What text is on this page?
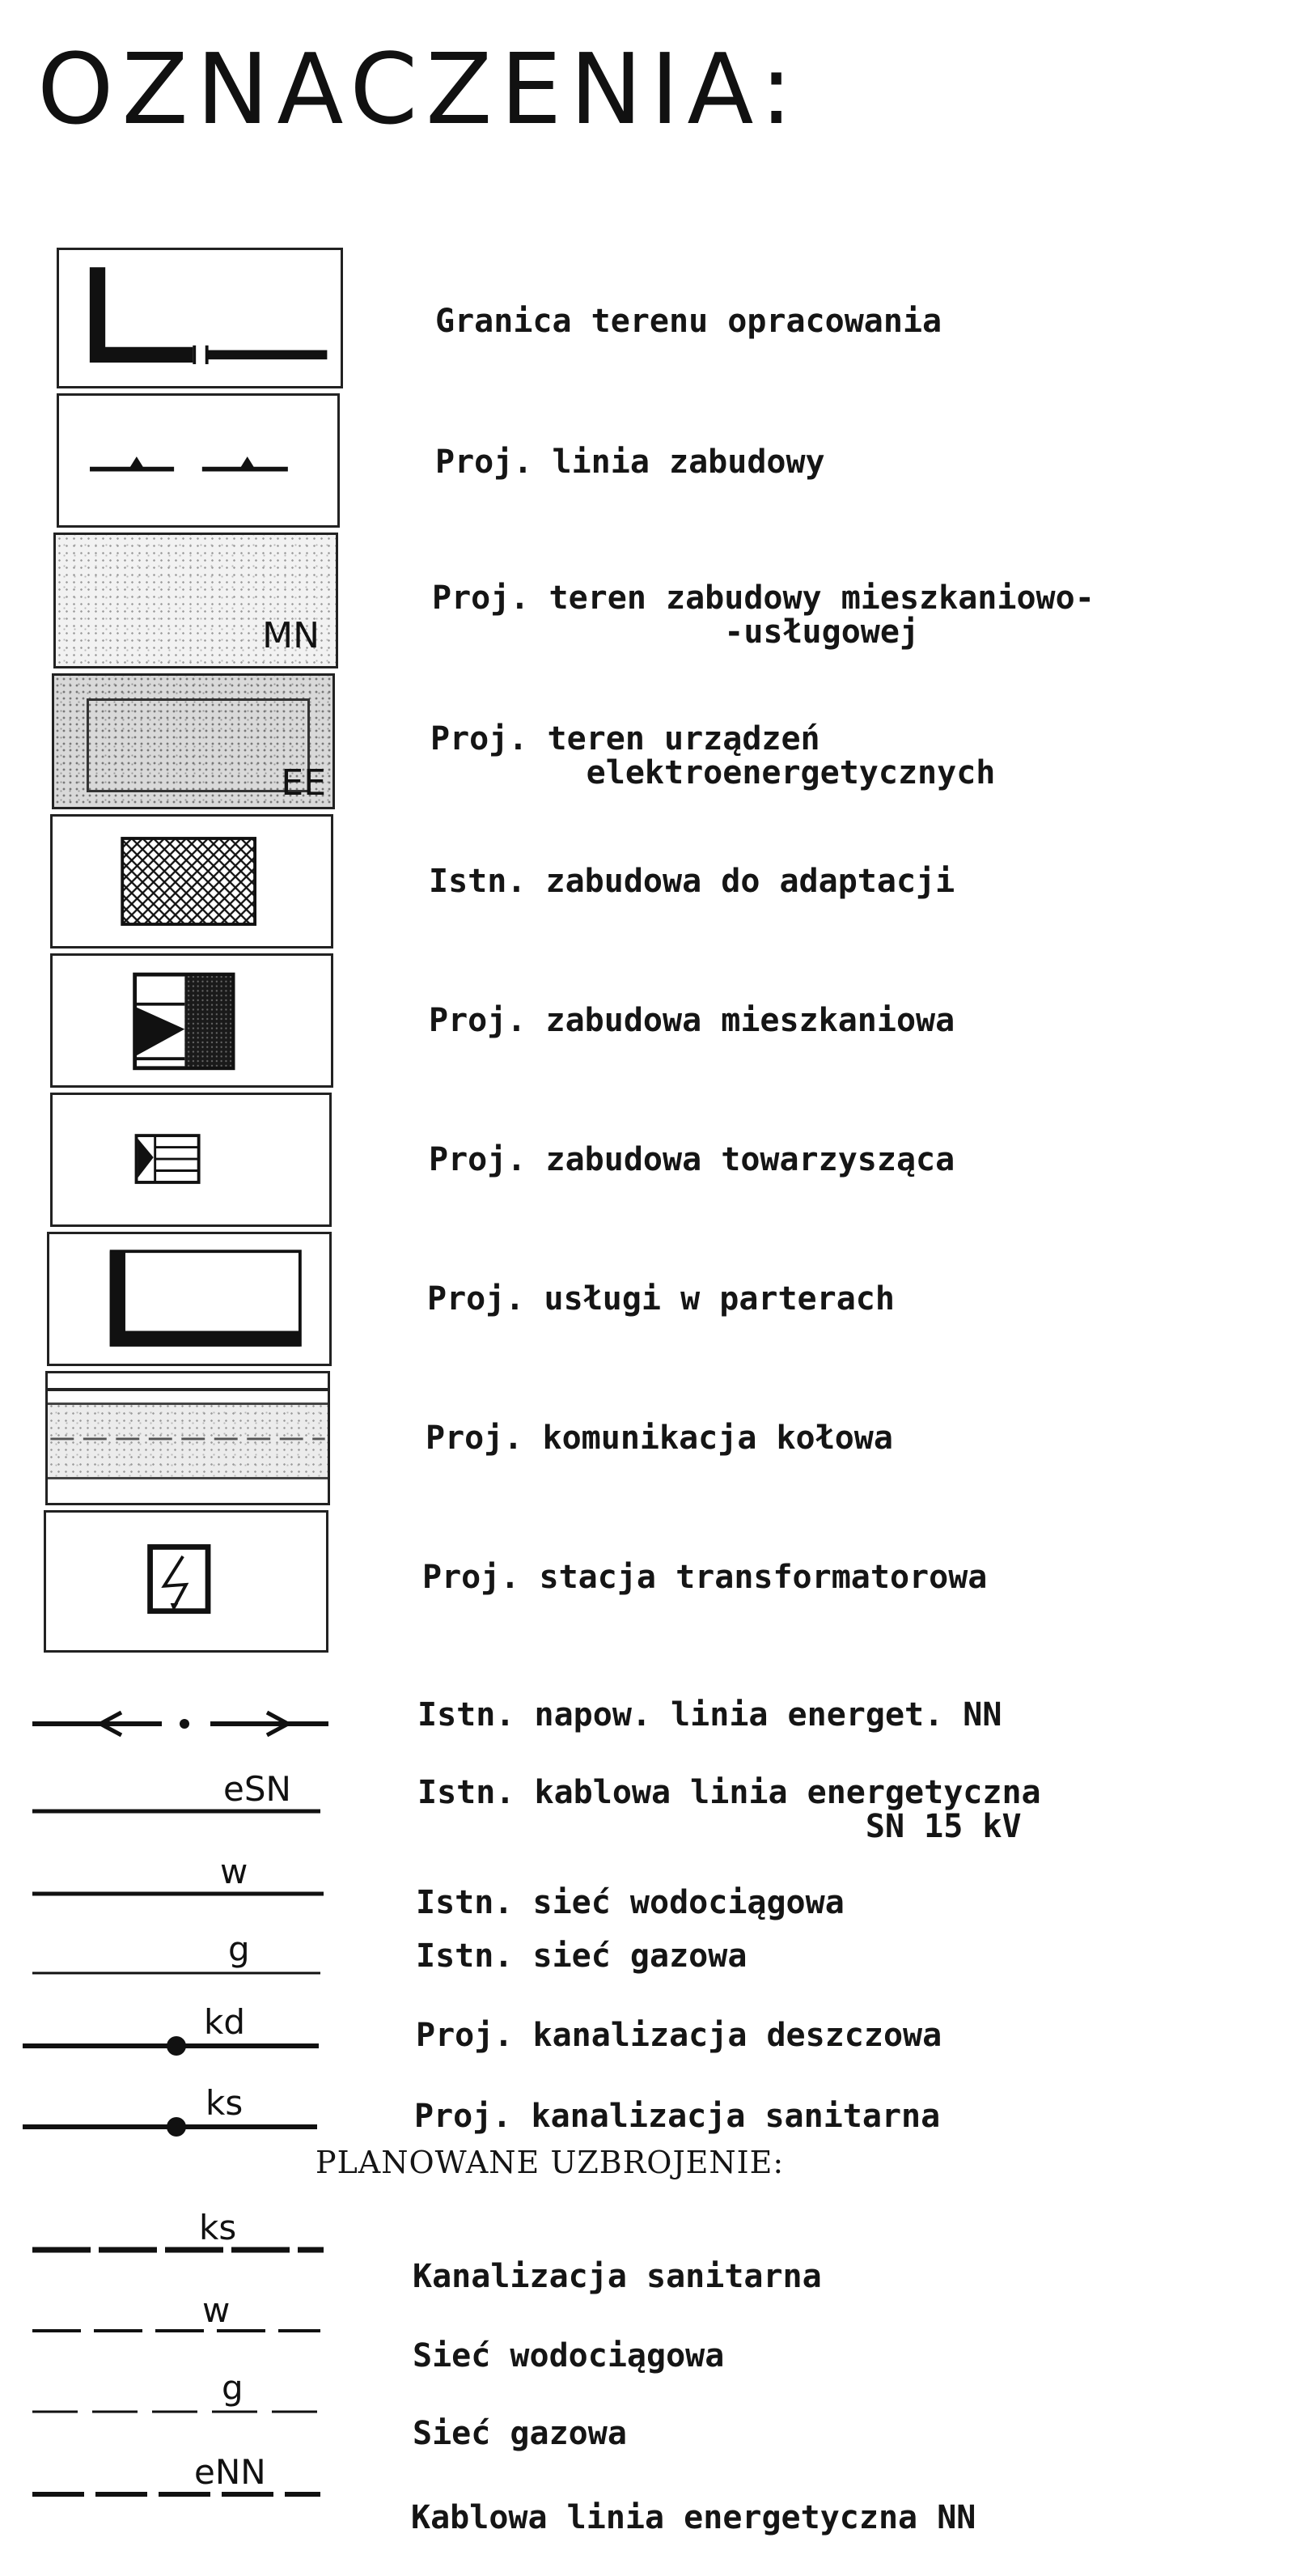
OZNACZENIA:
Granica terenu opracowania
Proj. linia zabudowy
MN
Proj. teren zabudowy mieszkaniowo-
-usługowej
EE
Proj. teren urządzeń
elektroenergetycznych
Istn. zabudowa do adaptacji
Proj. zabudowa mieszkaniowa
Proj. zabudowa towarzysząca
Proj. usługi w parterach
Proj. komunikacja kołowa
Proj. stacja transformatorowa
Istn. napow. linia energet. NN
eSN	Istn. kablowa linia energetyczna
SN 15 kV
w
Istn. sieć wodociągowa
g	Istn. sieć gazowa
kd	Proj. kanalizacja deszczowa
ks	Proj. kanalizacja sanitarna
PLANOWANE UZBROJENIE:
ks
Kanalizacja sanitarna
w
Sieć wodociągowa
g
Sieć gazowa
eNN
Kablowa linia energetyczna NN
